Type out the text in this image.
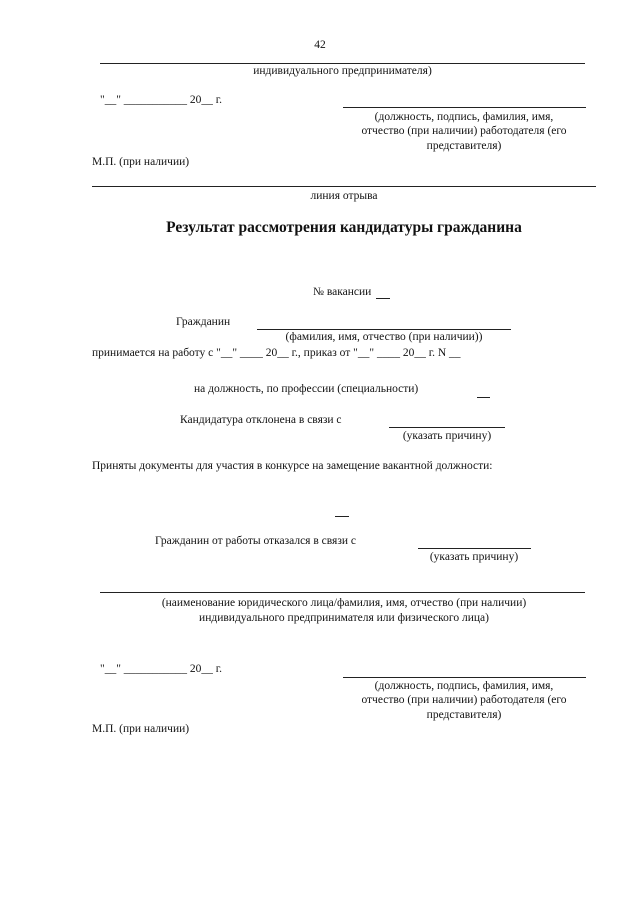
42
индивидуального предпринимателя)
"__" ___________ 20__ г.
(должность, подпись, фамилия, имя,
отчество (при наличии) работодателя (его
представителя)
М.П. (при наличии)
линия отрыва
Результат рассмотрения кандидатуры гражданина
№ вакансии
Гражданин
(фамилия, имя, отчество (при наличии))
принимается на работу с "__" ____ 20__ г., приказ от "__" ____ 20__ г. N __
на должность, по профессии (специальности)
Кандидатура отклонена в связи с
(указать причину)
Приняты документы для участия в конкурсе на замещение вакантной должности:
Гражданин от работы отказался в связи с
(указать причину)
(наименование юридического лица/фамилия, имя, отчество (при наличии)
индивидуального предпринимателя или физического лица)
"__" ___________ 20__ г.
(должность, подпись, фамилия, имя,
отчество (при наличии) работодателя (его
представителя)
М.П. (при наличии)
